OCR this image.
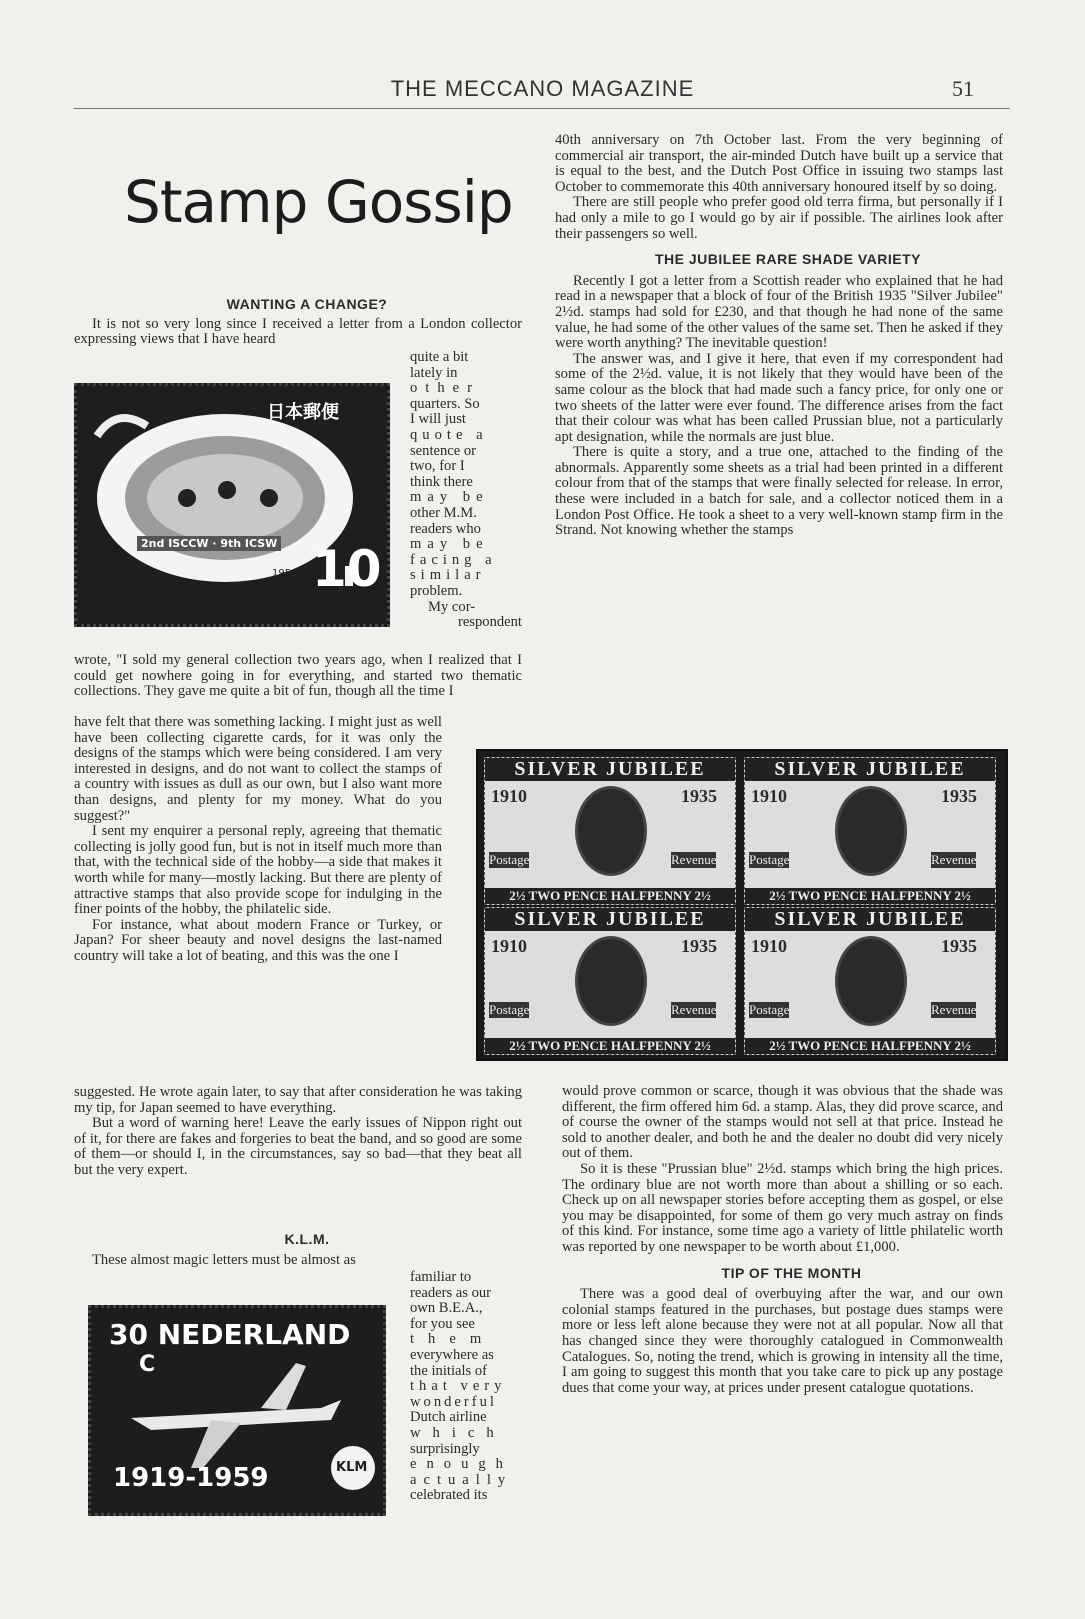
THE MECCANO MAGAZINE	51
Stamp Gossip

WANTING A CHANGE?

It is not so very long since I received a letter from a London collector expressing views that I have heard

日本郵便
2nd ISCCW · 9th ICSW
1958 10
quite a bit
lately in
other
quarters. So
I will just
quote a
sentence or
two, for I
think there
may be
other M.M.
readers who
may be
facing a
similar
problem.
My cor-
respondent

wrote, "I sold my general collection two years ago, when I realized that I could get nowhere going in for everything, and started two thematic collections. They gave me quite a bit of fun, though all the time I

have felt that there was something lacking. I might just as well have been collecting cigarette cards, for it was only the designs of the stamps which were being considered. I am very interested in designs, and do not want to collect the stamps of a country with issues as dull as our own, but I also want more than designs, and plenty for my money. What do you suggest?"

I sent my enquirer a personal reply, agreeing that thematic collecting is jolly good fun, but is not in itself much more than that, with the technical side of the hobby—a side that makes it worth while for many—mostly lacking. But there are plenty of attractive stamps that also provide scope for indulging in the finer points of the hobby, the philatelic side.

For instance, what about modern France or Turkey, or Japan? For sheer beauty and novel designs the last-named country will take a lot of beating, and this was the one I

suggested. He wrote again later, to say that after consideration he was taking my tip, for Japan seemed to have everything.

But a word of warning here! Leave the early issues of Nippon right out of it, for there are fakes and forgeries to beat the band, and so good are some of them—or should I, in the circumstances, say so bad—that they beat all but the very expert.

K.L.M.

These almost magic letters must be almost as

30 NEDERLAND
C
1919-1959	KLM
familiar to
readers as our
own B.E.A.,
for you see
them
everywhere as
the initials of
that very
wonderful
Dutch airline
which
surprisingly
enough
actually
celebrated its

40th anniversary on 7th October last. From the very beginning of commercial air transport, the air-minded Dutch have built up a service that is equal to the best, and the Dutch Post Office in issuing two stamps last October to commemorate this 40th anniversary honoured itself by so doing.

There are still people who prefer good old terra firma, but personally if I had only a mile to go I would go by air if possible. The airlines look after their passengers so well.

THE JUBILEE RARE SHADE VARIETY

Recently I got a letter from a Scottish reader who explained that he had read in a newspaper that a block of four of the British 1935 "Silver Jubilee" 2½d. stamps had sold for £230, and that though he had none of the same value, he had some of the other values of the same set. Then he asked if they were worth anything? The inevitable question!

The answer was, and I give it here, that even if my correspondent had some of the 2½d. value, it is not likely that they would have been of the same colour as the block that had made such a fancy price, for only one or two sheets of the latter were ever found. The difference arises from the fact that their colour was what has been called Prussian blue, not a particularly apt designation, while the normals are just blue.

There is quite a story, and a true one, attached to the finding of the abnormals. Apparently some sheets as a trial had been printed in a different colour from that of the stamps that were finally selected for release. In error, these were included in a batch for sale, and a collector noticed them in a London Post Office. He took a sheet to a very well-known stamp firm in the Strand. Not knowing whether the stamps

SILVER JUBILEE
1910	1935
Postage	Revenue
2½ TWO PENCE HALFPENNY 2½
SILVER JUBILEE
1910	1935
Postage	Revenue
2½ TWO PENCE HALFPENNY 2½
SILVER JUBILEE
1910	1935
Postage	Revenue
2½ TWO PENCE HALFPENNY 2½
SILVER JUBILEE
1910	1935
Postage	Revenue
2½ TWO PENCE HALFPENNY 2½

would prove common or scarce, though it was obvious that the shade was different, the firm offered him 6d. a stamp. Alas, they did prove scarce, and of course the owner of the stamps would not sell at that price. Instead he sold to another dealer, and both he and the dealer no doubt did very nicely out of them.

So it is these "Prussian blue" 2½d. stamps which bring the high prices. The ordinary blue are not worth more than about a shilling or so each. Check up on all newspaper stories before accepting them as gospel, or else you may be disappointed, for some of them go very much astray on finds of this kind. For instance, some time ago a variety of little philatelic worth was reported by one newspaper to be worth about £1,000.

TIP OF THE MONTH

There was a good deal of overbuying after the war, and our own colonial stamps featured in the purchases, but postage dues stamps were more or less left alone because they were not at all popular. Now all that has changed since they were thoroughly catalogued in Commonwealth Catalogues. So, noting the trend, which is growing in intensity all the time, I am going to suggest this month that you take care to pick up any postage dues that come your way, at prices under present catalogue quotations.
